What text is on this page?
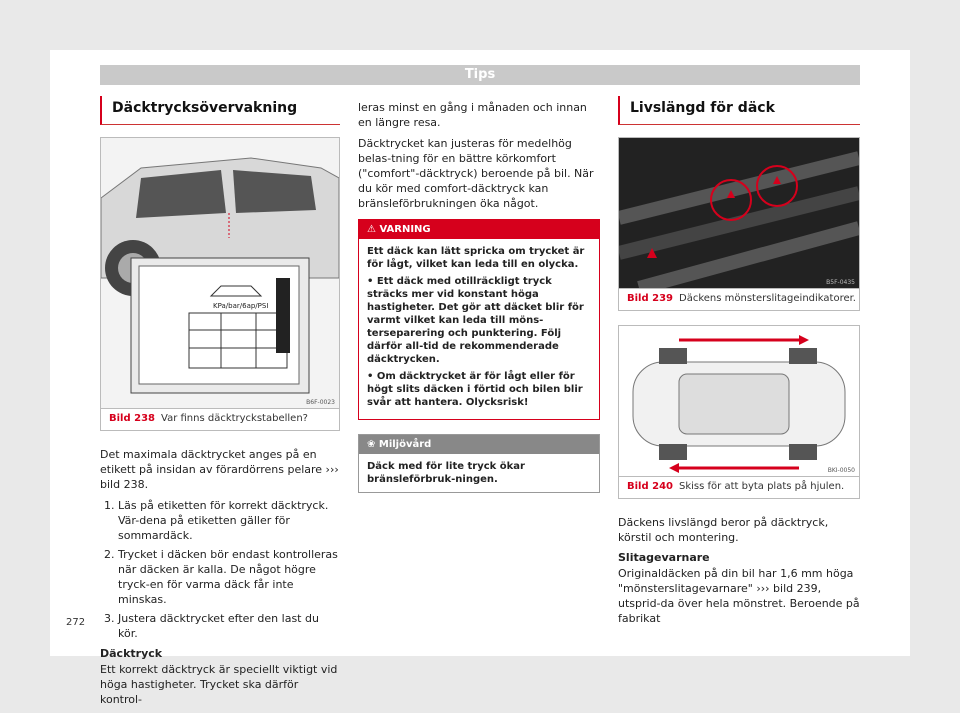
Tips
Däcktrycksövervakning
KPa/bar/6ap/PSI
B6F-0023
Bild 238 Var finns däcktryckstabellen?

Det maximala däcktrycket anges på en etikett på insidan av förardörrens pelare ››› bild 238.

1. Läs på etiketten för korrekt däcktryck. Vär-dena på etiketten gäller för sommardäck.
2. Trycket i däcken bör endast kontrolleras när däcken är kalla. De något högre tryck-en för varma däck får inte minskas.
3. Justera däcktrycket efter den last du kör.
Däcktryck

Ett korrekt däcktryck är speciellt viktigt vid höga hastigheter. Trycket ska därför kontrol-

leras minst en gång i månaden och innan en längre resa.

Däcktrycket kan justeras för medelhög belas-tning för en bättre körkomfort ("comfort"-däcktryck) beroende på bil. När du kör med comfort-däcktryck kan bränsleförbrukningen öka något.

⚠ VARNING
Ett däck kan lätt spricka om trycket är för lågt, vilket kan leda till en olycka.
• Ett däck med otillräckligt tryck sträcks mer vid konstant höga hastigheter. Det gör att däcket blir för varmt vilket kan leda till möns-terseparering och punktering. Följ därför all-tid de rekommenderade däcktrycken.
• Om däcktrycket är för lågt eller för högt slits däcken i förtid och bilen blir svår att hantera. Olycksrisk!
❀ Miljövård
Däck med för lite tryck ökar bränsleförbruk-ningen.
Livslängd för däck
B5F-0435
Bild 239 Däckens mönsterslitageindikatorer.
BKI-0050
Bild 240 Skiss för att byta plats på hjulen.

Däckens livslängd beror på däcktryck, körstil och montering.

Slitagevarnare

Originaldäcken på din bil har 1,6 mm höga "mönsterslitagevarnare" ››› bild 239, utsprid-da över hela mönstret. Beroende på fabrikat

272
